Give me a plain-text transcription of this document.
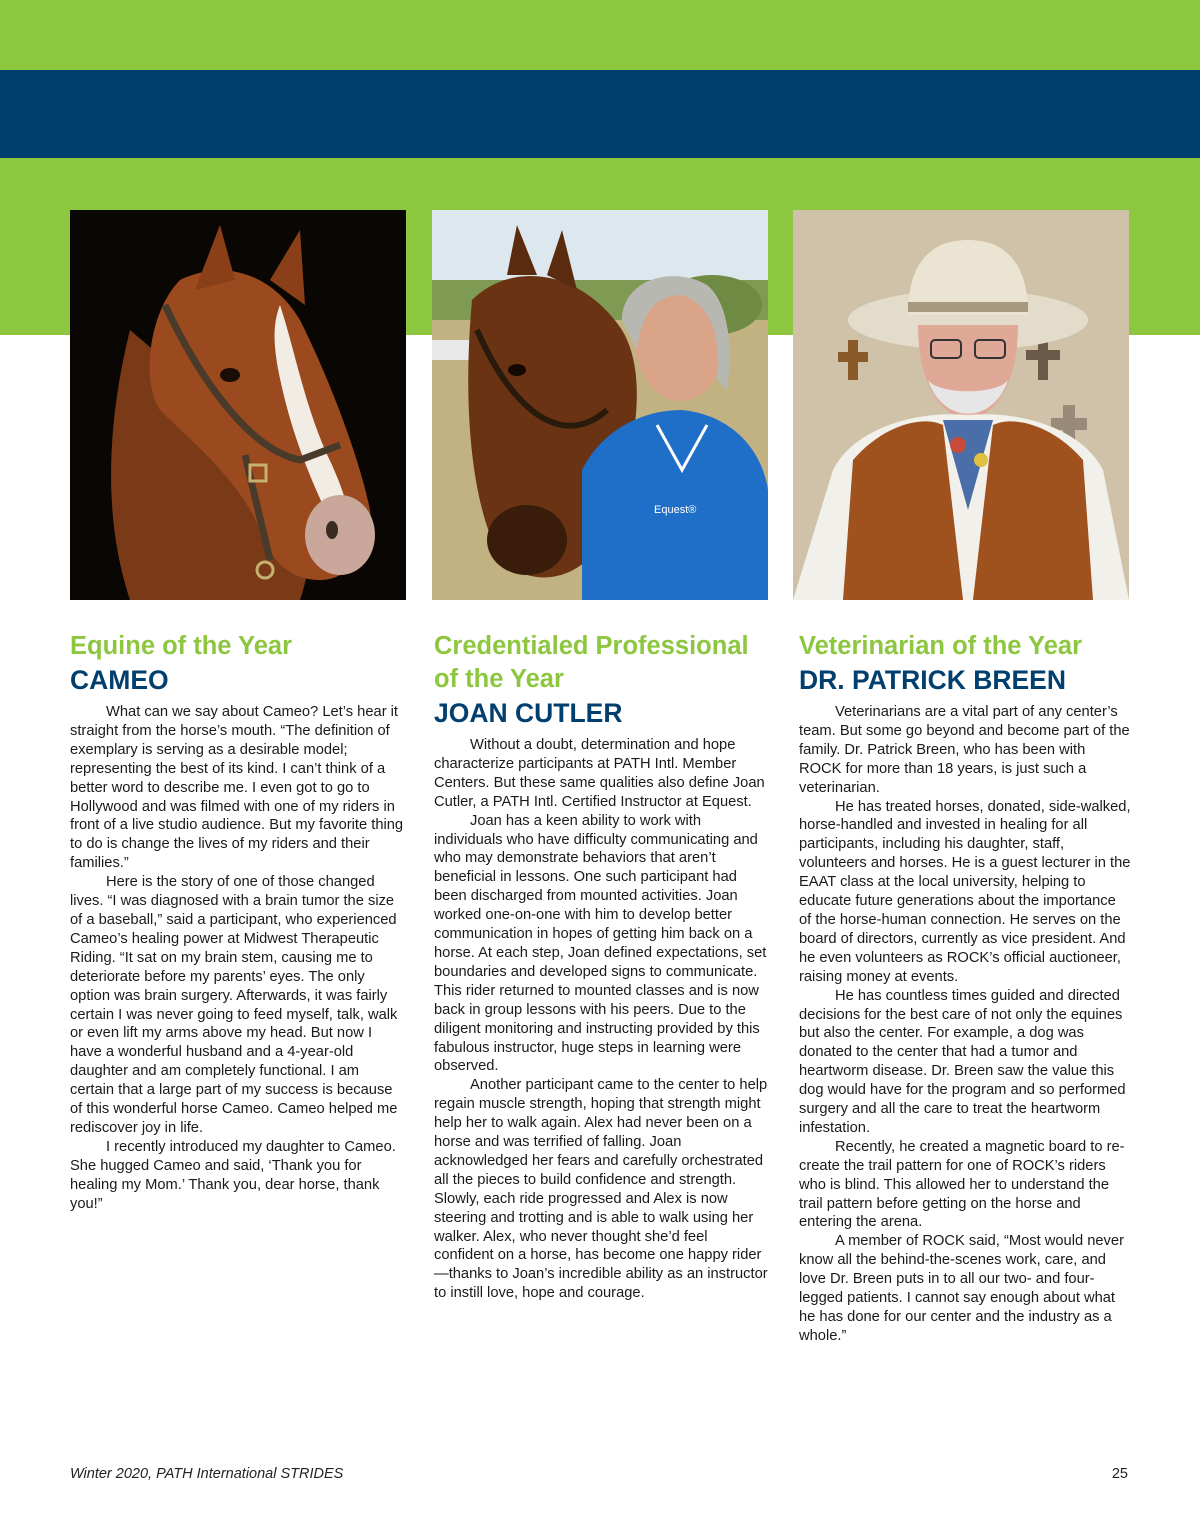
Equest®
Equine of the Year
CAMEO

What can we say about Cameo? Let’s hear it straight from the horse’s mouth. “The definition of exemplary is serving as a desirable model; representing the best of its kind. I can’t think of a better word to describe me. I even got to go to Hollywood and was filmed with one of my riders in front of a live studio audience. But my favorite thing to do is change the lives of my riders and their families.”

Here is the story of one of those changed lives. “I was diagnosed with a brain tumor the size of a baseball,” said a participant, who experienced Cameo’s healing power at Midwest Therapeutic Riding. “It sat on my brain stem, causing me to deteriorate before my parents’ eyes. The only option was brain surgery. Afterwards, it was fairly certain I was never going to feed myself, talk, walk or even lift my arms above my head. But now I have a wonderful husband and a 4-year-old daughter and am completely functional. I am certain that a large part of my success is because of this wonderful horse Cameo. Cameo helped me rediscover joy in life.

I recently introduced my daughter to Cameo. She hugged Cameo and said, ‘Thank you for healing my Mom.’ Thank you, dear horse, thank you!”

Credentialed Professional of the Year
JOAN CUTLER

Without a doubt, determination and hope characterize participants at PATH Intl. Member Centers. But these same qualities also define Joan Cutler, a PATH Intl. Certified Instructor at Equest.

Joan has a keen ability to work with individuals who have difficulty communicating and who may demonstrate behaviors that aren’t beneficial in lessons. One such participant had been discharged from mounted activities. Joan worked one-on-one with him to develop better communication in hopes of getting him back on a horse. At each step, Joan defined expectations, set boundaries and developed signs to communicate. This rider returned to mounted classes and is now back in group lessons with his peers. Due to the diligent monitoring and instructing provided by this fabulous instructor, huge steps in learning were observed.

Another participant came to the center to help regain muscle strength, hoping that strength might help her to walk again. Alex had never been on a horse and was terrified of falling. Joan acknowledged her fears and carefully orchestrated all the pieces to build confidence and strength. Slowly, each ride progressed and Alex is now steering and trotting and is able to walk using her walker. Alex, who never thought she’d feel confident on a horse, has become one happy rider—thanks to Joan’s incredible ability as an instructor to instill love, hope and courage.

Veterinarian of the Year
DR. PATRICK BREEN

Veterinarians are a vital part of any center’s team. But some go beyond and become part of the family. Dr. Patrick Breen, who has been with ROCK for more than 18 years, is just such a veterinarian.

He has treated horses, donated, side-walked, horse-handled and invested in healing for all participants, including his daughter, staff, volunteers and horses. He is a guest lecturer in the EAAT class at the local university, helping to educate future generations about the importance of the horse-human connection. He serves on the board of directors, currently as vice president. And he even volunteers as ROCK’s official auctioneer, raising money at events.

He has countless times guided and directed decisions for the best care of not only the equines but also the center. For example, a dog was donated to the center that had a tumor and heartworm disease. Dr. Breen saw the value this dog would have for the program and so performed surgery and all the care to treat the heartworm infestation.

Recently, he created a magnetic board to re-create the trail pattern for one of ROCK’s riders who is blind. This allowed her to understand the trail pattern before getting on the horse and entering the arena.

A member of ROCK said, “Most would never know all the behind-the-scenes work, care, and love Dr. Breen puts in to all our two- and four-legged patients. I cannot say enough about what he has done for our center and the industry as a whole.”

Winter 2020, PATH International STRIDES	25
